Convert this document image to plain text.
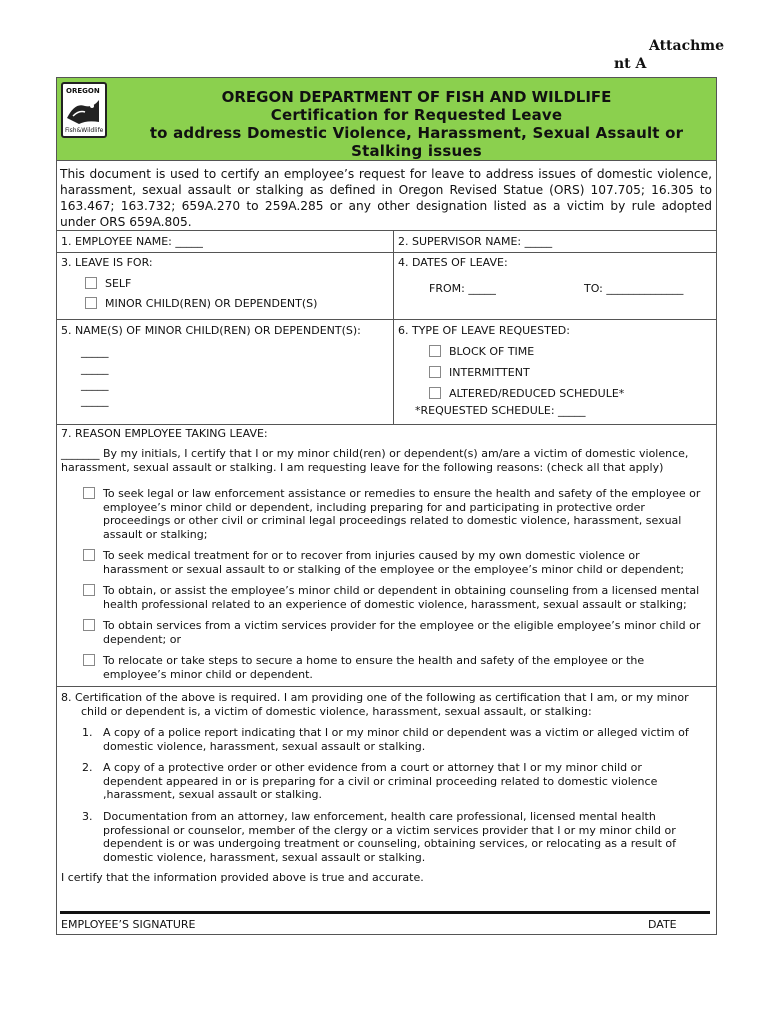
Attachme
nt A
OREGON
Fish&Wildlife
OREGON DEPARTMENT OF FISH AND WILDLIFE
Certification for Requested Leave
to address Domestic Violence, Harassment, Sexual Assault or
Stalking issues
This document is used to certify an employee’s request for leave to address issues of domestic violence, harassment, sexual assault or stalking as defined in Oregon Revised Statue (ORS) 107.705; 16.305 to 163.467; 163.732; 659A.270 to 259A.285 or any other designation listed as a victim by rule adopted under ORS 659A.805.
1. EMPLOYEE NAME: _____	2. SUPERVISOR NAME: _____
3. LEAVE IS FOR:
SELF
MINOR CHILD(REN) OR DEPENDENT(S)
4. DATES OF LEAVE:
FROM: _____	TO: ______________
5. NAME(S) OF MINOR CHILD(REN) OR DEPENDENT(S):
_____
_____
_____
_____
6. TYPE OF LEAVE REQUESTED:
BLOCK OF TIME
INTERMITTENT
ALTERED/REDUCED SCHEDULE*
*REQUESTED SCHEDULE: _____
7. REASON EMPLOYEE TAKING LEAVE:
_______ By my initials, I certify that I or my minor child(ren) or dependent(s) am/are a victim of domestic violence,
harassment, sexual assault or stalking. I am requesting leave for the following reasons: (check all that apply)
To seek legal or law enforcement assistance or remedies to ensure the health and safety of the employee or
employee’s minor child or dependent, including preparing for and participating in protective order
proceedings or other civil or criminal legal proceedings related to domestic violence, harassment, sexual
assault or stalking;
To seek medical treatment for or to recover from injuries caused by my own domestic violence or
harassment or sexual assault to or stalking of the employee or the employee’s minor child or dependent;
To obtain, or assist the employee’s minor child or dependent in obtaining counseling from a licensed mental
health professional related to an experience of domestic violence, harassment, sexual assault or stalking;
To obtain services from a victim services provider for the employee or the eligible employee’s minor child or
dependent; or
To relocate or take steps to secure a home to ensure the health and safety of the employee or the
employee’s minor child or dependent.
8. Certification of the above is required. I am providing one of the following as certification that I am, or my minor
child or dependent is, a victim of domestic violence, harassment, sexual assault, or stalking:
1. A copy of a police report indicating that I or my minor child or dependent was a victim or alleged victim of
domestic violence, harassment, sexual assault or stalking.
2. A copy of a protective order or other evidence from a court or attorney that I or my minor child or
dependent appeared in or is preparing for a civil or criminal proceeding related to domestic violence
,harassment, sexual assault or stalking.
3. Documentation from an attorney, law enforcement, health care professional, licensed mental health
professional or counselor, member of the clergy or a victim services provider that I or my minor child or
dependent is or was undergoing treatment or counseling, obtaining services, or relocating as a result of
domestic violence, harassment, sexual assault or stalking.
I certify that the information provided above is true and accurate.
EMPLOYEE’S SIGNATURE	DATE
